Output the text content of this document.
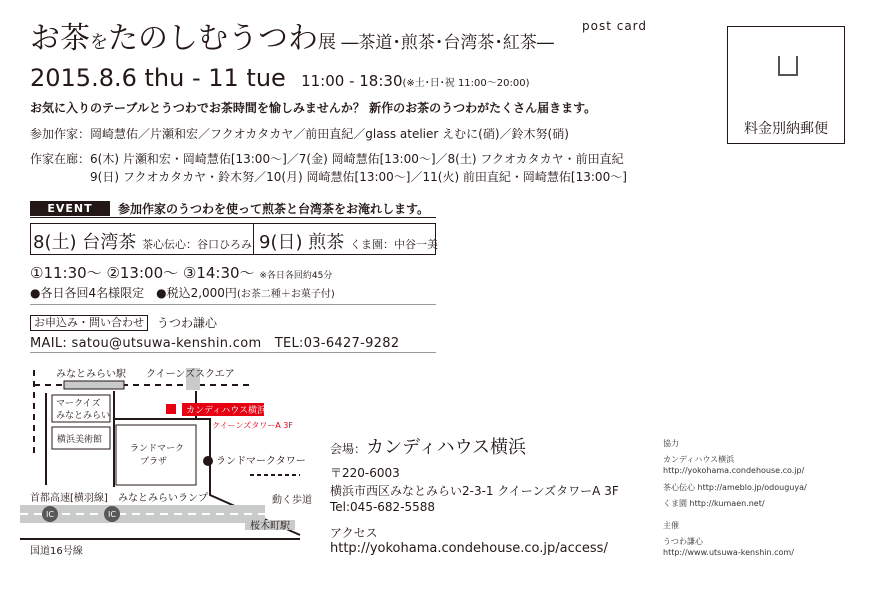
お茶をたのしむうつわ展 ―茶道･煎茶･台湾茶･紅茶―
post card
2015.8.6 thu - 11 tue 11:00 - 18:30(※土･日･祝 11:00～20:00)
お気に入りのテーブルとうつわでお茶時間を愉しみませんか？ 新作のお茶のうつわがたくさん届きます。
参加作家：岡崎慧佑／片瀬和宏／フクオカタカヤ／前田直紀／glass atelier えむに(硝)／鈴木努(硝)
作家在廊：6(木) 片瀬和宏・岡崎慧佑[13:00～]／7(金) 岡崎慧佑[13:00～]／8(土) フクオカタカヤ・前田直紀
9(日) フクオカタカヤ・鈴木努／10(月) 岡崎慧佑[13:00～]／11(火) 前田直紀・岡崎慧佑[13:00～]
EVENT	参加作家のうつわを使って煎茶と台湾茶をお淹れします。
8(土) 台湾茶 茶心伝心：谷口ひろみ 9(日) 煎茶 くま園：中谷一美
①11:30～ ②13:00～ ③14:30～ ※各日各回約45分
●各日各回4名様限定　●税込2,000円(お茶二種＋お菓子付)
お申込み・問い合わせ	うつわ謙心
MAIL: satou@utsuwa-kenshin.com　TEL:03-6427-9282
料金別納郵便
IC	IC
みなとみらい駅 クイーンズスクエア
マークイズ
みなとみらい
横浜美術館
カンディハウス横浜
クイーンズタワーA 3F
ランドマーク
プラザ	ランドマークタワー
動く歩道
首都高速[横羽線] みなとみらいランプ
桜木町駅
国道16号線
会場：カンディハウス横浜
〒220-6003
横浜市西区みなとみらい2-3-1 クイーンズタワーA 3F
Tel:045-682-5588
アクセス
http://yokohama.condehouse.co.jp/access/
協力
カンディハウス横浜
http://yokohama.condehouse.co.jp/
茶心伝心 http://ameblo.jp/odouguya/
くま園 http://kumaen.net/
主催
うつわ謙心
http://www.utsuwa-kenshin.com/
